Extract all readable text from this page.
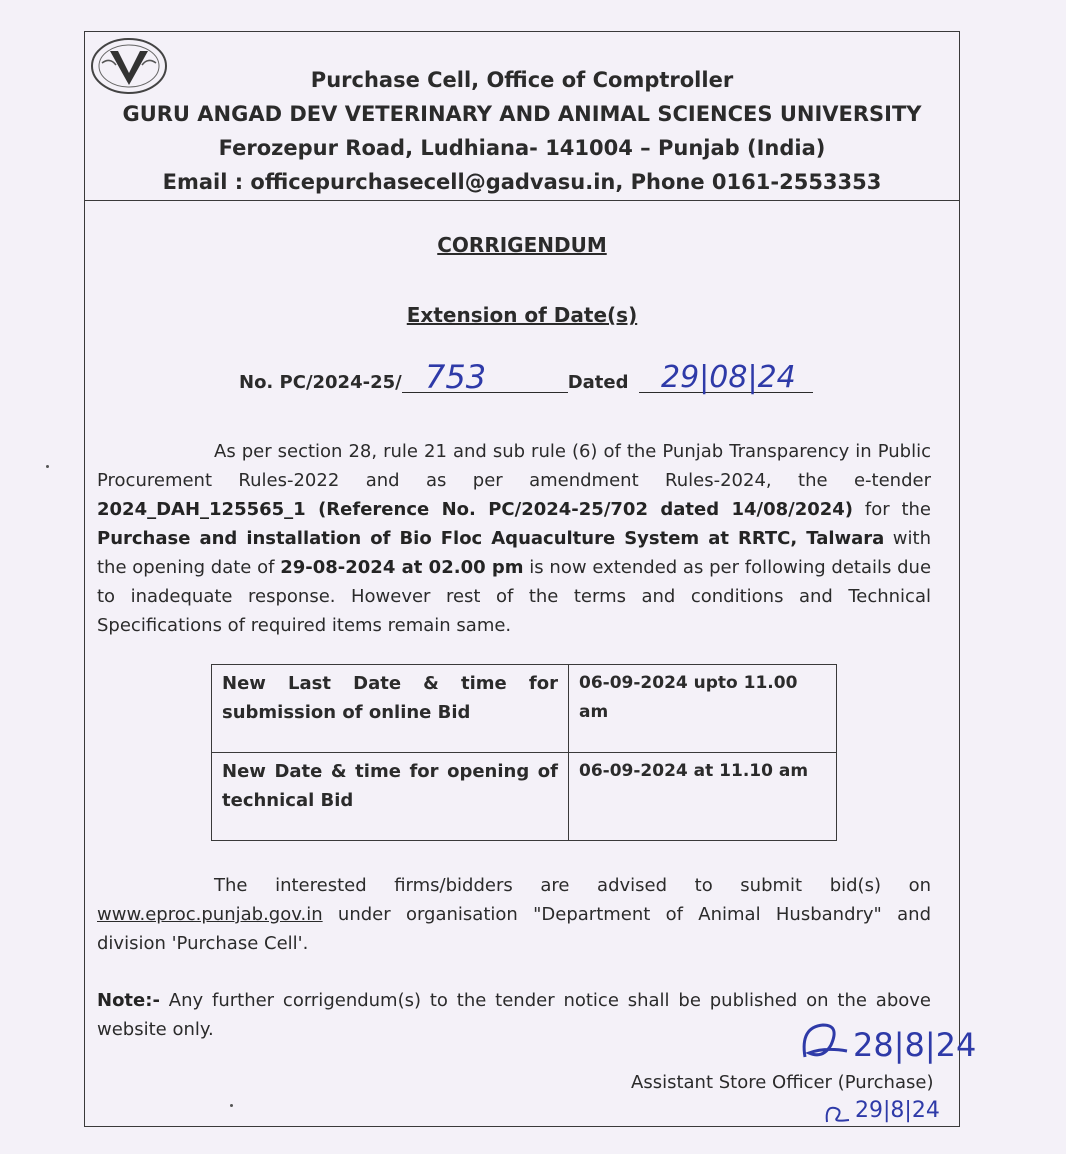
Purchase Cell, Office of Comptroller
GURU ANGAD DEV VETERINARY AND ANIMAL SCIENCES UNIVERSITY
Ferozepur Road, Ludhiana- 141004 – Punjab (India)
Email : officepurchasecell@gadvasu.in, Phone 0161-2553353
CORRIGENDUM
Extension of Date(s)
No. PC/2024-25/	Dated
753	29|08|24
As per section 28, rule 21 and sub rule (6) of the Punjab Transparency in Public Procurement Rules-2022 and as per amendment Rules-2024, the e-tender 2024_DAH_125565_1 (Reference No. PC/2024-25/702 dated 14/08/2024) for the Purchase and installation of Bio Floc Aquaculture System at RRTC, Talwara with the opening date of 29-08-2024 at 02.00 pm is now extended as per following details due to inadequate response. However rest of the terms and conditions and Technical Specifications of required items remain same.
New Last Date & time for submission of online Bid	06-09-2024 upto 11.00 am
New Date & time for opening of technical Bid	06-09-2024 at 11.10 am
The interested firms/bidders are advised to submit bid(s) on www.eproc.punjab.gov.in under organisation "Department of Animal Husbandry" and division 'Purchase Cell'.
Note:- Any further corrigendum(s) to the tender notice shall be published on the above website only.
Assistant Store Officer (Purchase)
28|8|24
29|8|24
